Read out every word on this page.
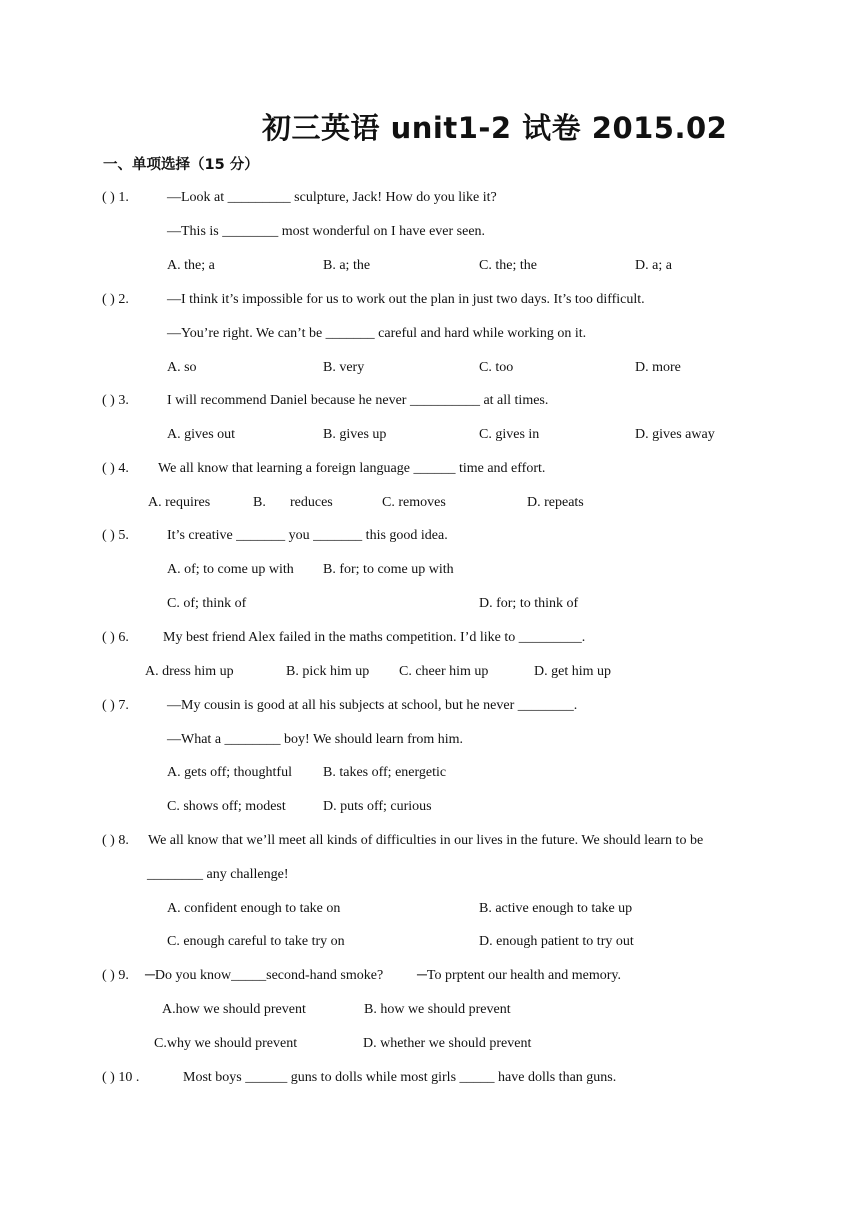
初三英语 unit1-2 试卷 2015.02
一、单项选择（15 分）
( ) 1.	—Look at _________ sculpture, Jack! How do you like it?
—This is ________ most wonderful on I have ever seen.
A. the; a	B. a; the	C. the; the	D. a; a
( ) 2.	—I think it’s impossible for us to work out the plan in just two days. It’s too difficult.
—You’re right. We can’t be _______ careful and hard while working on it.
A. so	B. very	C. too	D. more
( ) 3.	I will recommend Daniel because he never __________ at all times.
A. gives out	B. gives up	C. gives in	D. gives away
( ) 4. We all know that learning a foreign language ______ time and effort.
A. requires	B. reduces	C. removes	D. repeats
( ) 5.	It’s creative _______ you _______ this good idea.
A. of; to come up with B. for; to come up with
C. of; think of	D. for; to think of
( ) 6. My best friend Alex failed in the maths competition. I’d like to _________.
A. dress him up	B. pick him up C. cheer him up	D. get him up
( ) 7.	—My cousin is good at all his subjects at school, but he never ________.
—What a ________ boy! We should learn from him.
A. gets off; thoughtful B. takes off; energetic
C. shows off; modest	D. puts off; curious
( ) 8. We all know that we’ll meet all kinds of difficulties in our lives in the future. We should learn to be
________ any challenge!
A. confident enough to take on	B. active enough to take up
C. enough careful to take try on	D. enough patient to try out
( ) 9. ─Do you know_____second-hand smoke? ─To prptent our health and memory.
A.how we should prevent	B. how we should prevent
C.why we should prevent	D. whether we should prevent
( ) 10 .	Most boys ______ guns to dolls while most girls _____ have dolls than guns.
